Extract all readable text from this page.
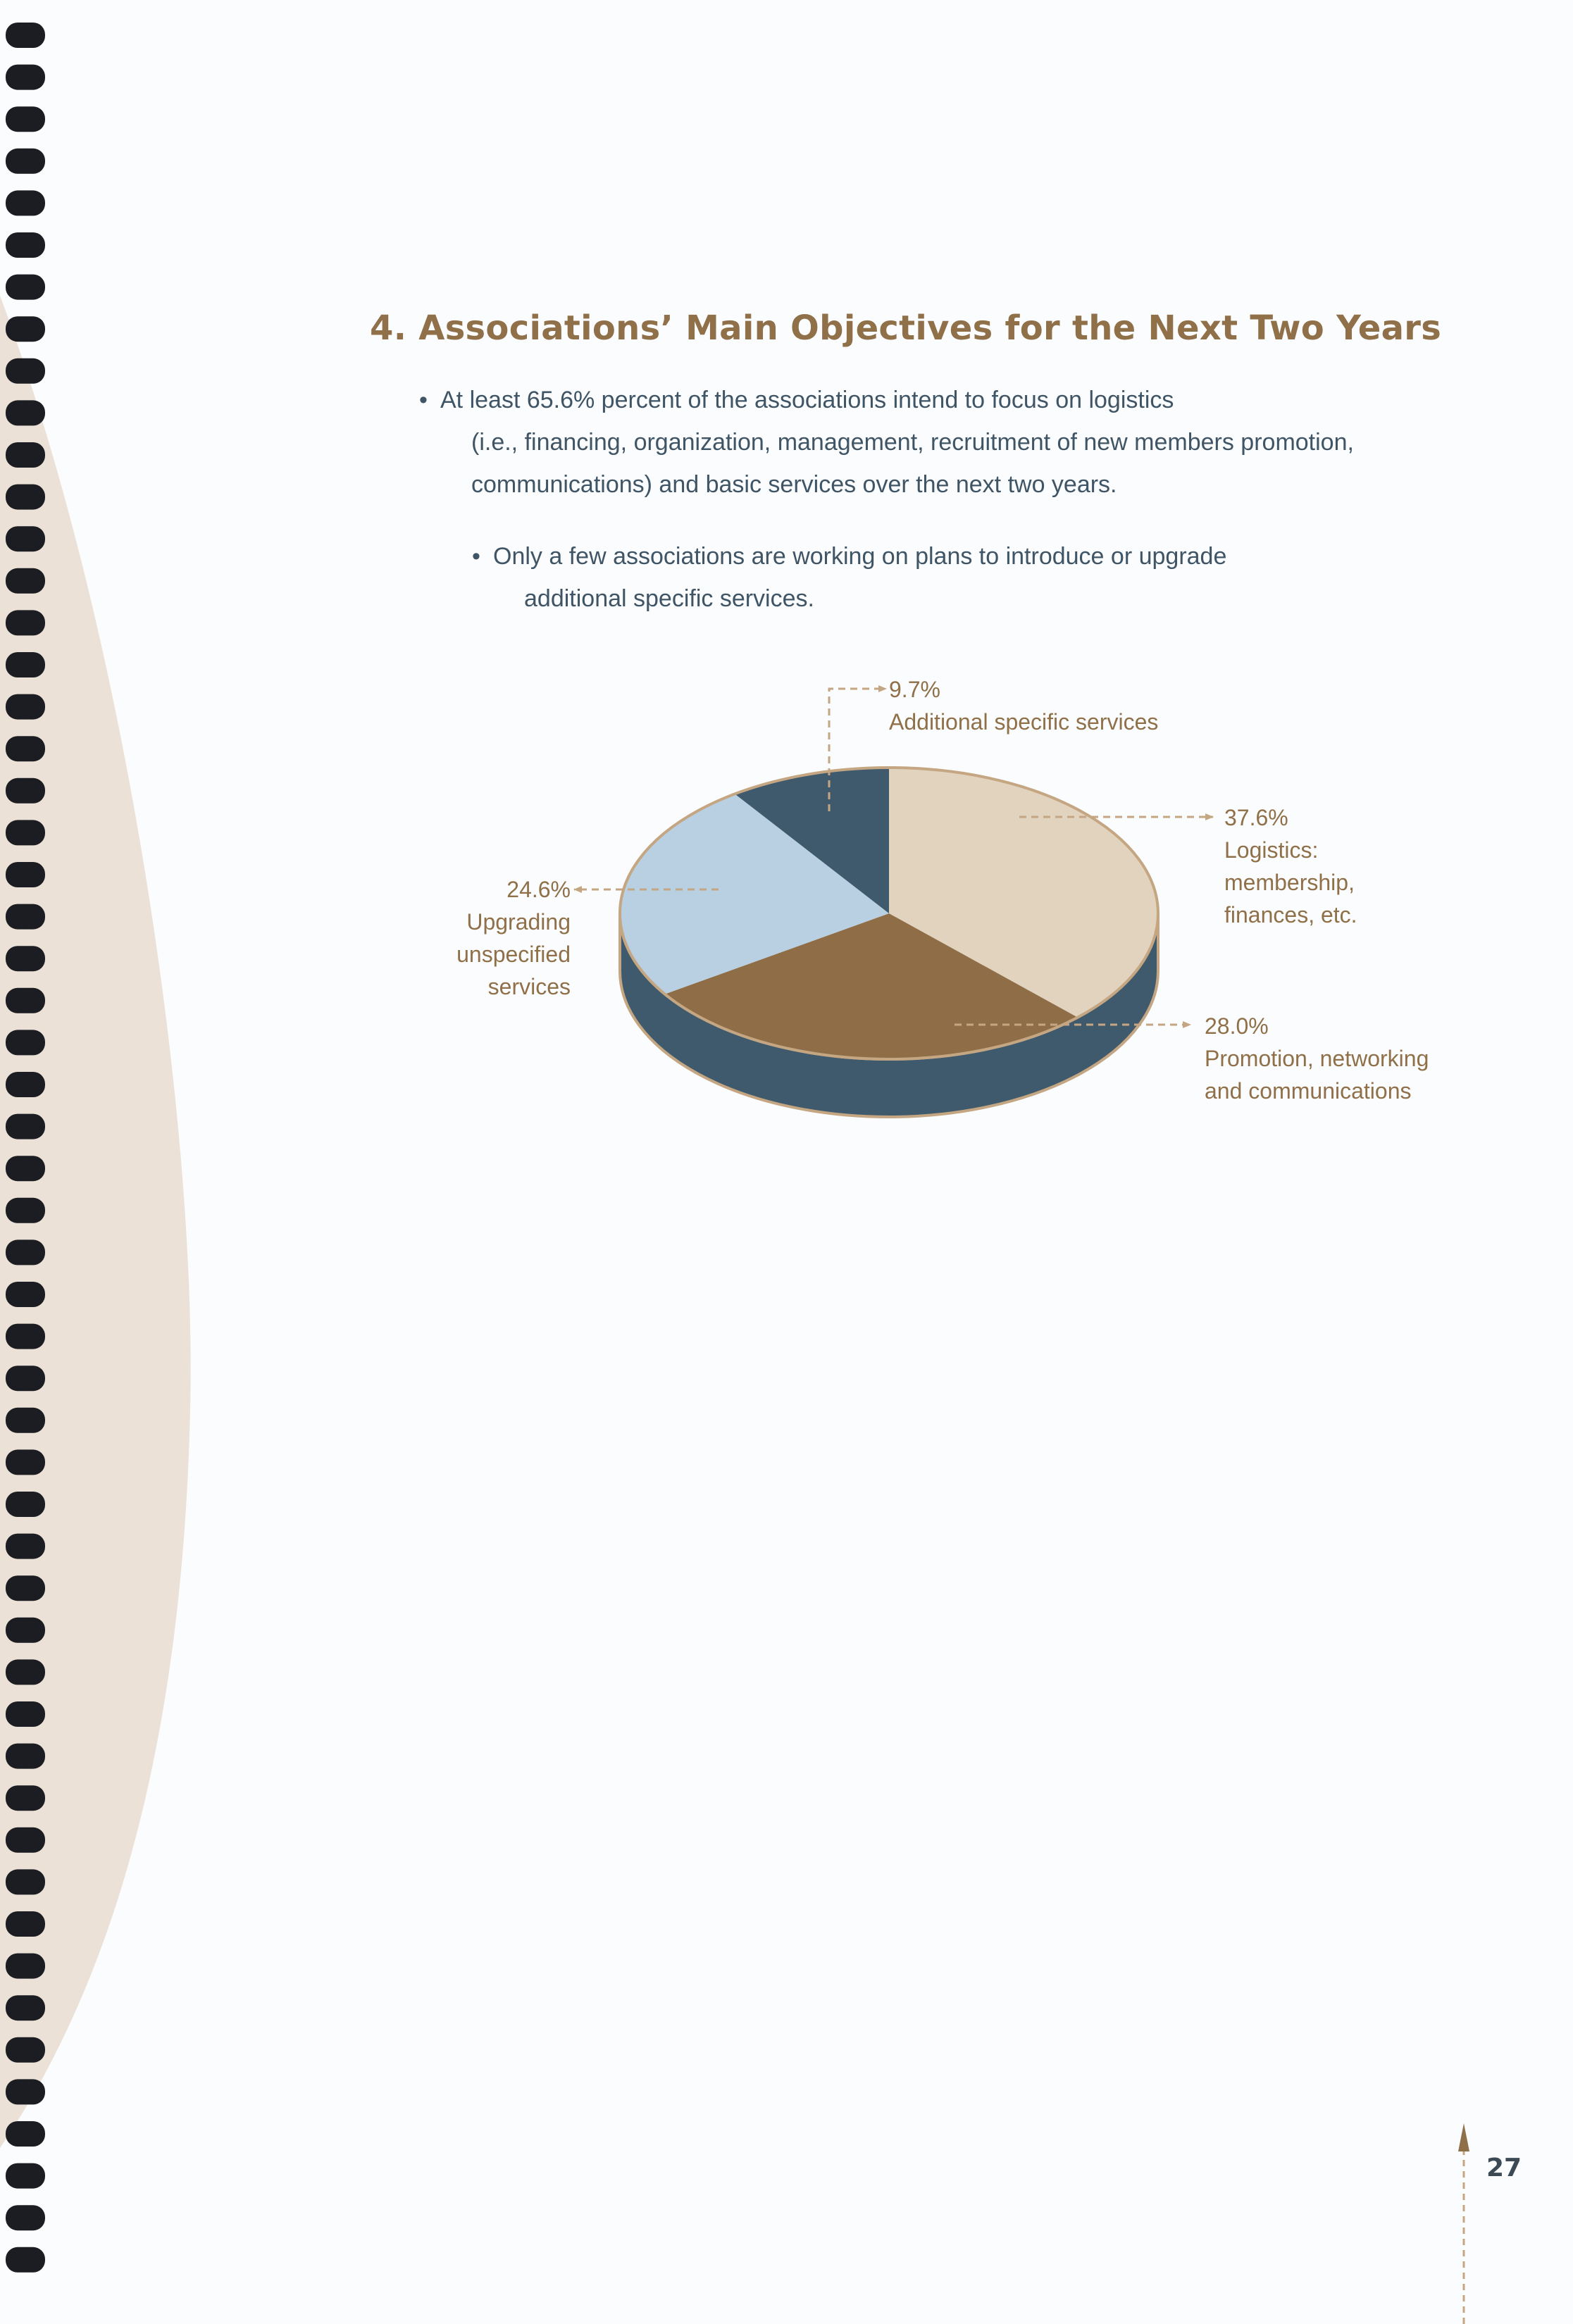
4. Associations’ Main Objectives for the Next Two Years
• At least 65.6% percent of the associations intend to focus on logistics

(i.e., financing, organization, management, recruitment of new members promotion,
communications) and basic services over the next two years.
• Only a few associations are working on plans to introduce or upgrade

additional specific services.
37.6%
Logistics:
membership,
finances, etc.
28.0%
Promotion, networking
and communications
24.6%
Upgrading
unspecified
services
9.7%
Additional specific services
27
